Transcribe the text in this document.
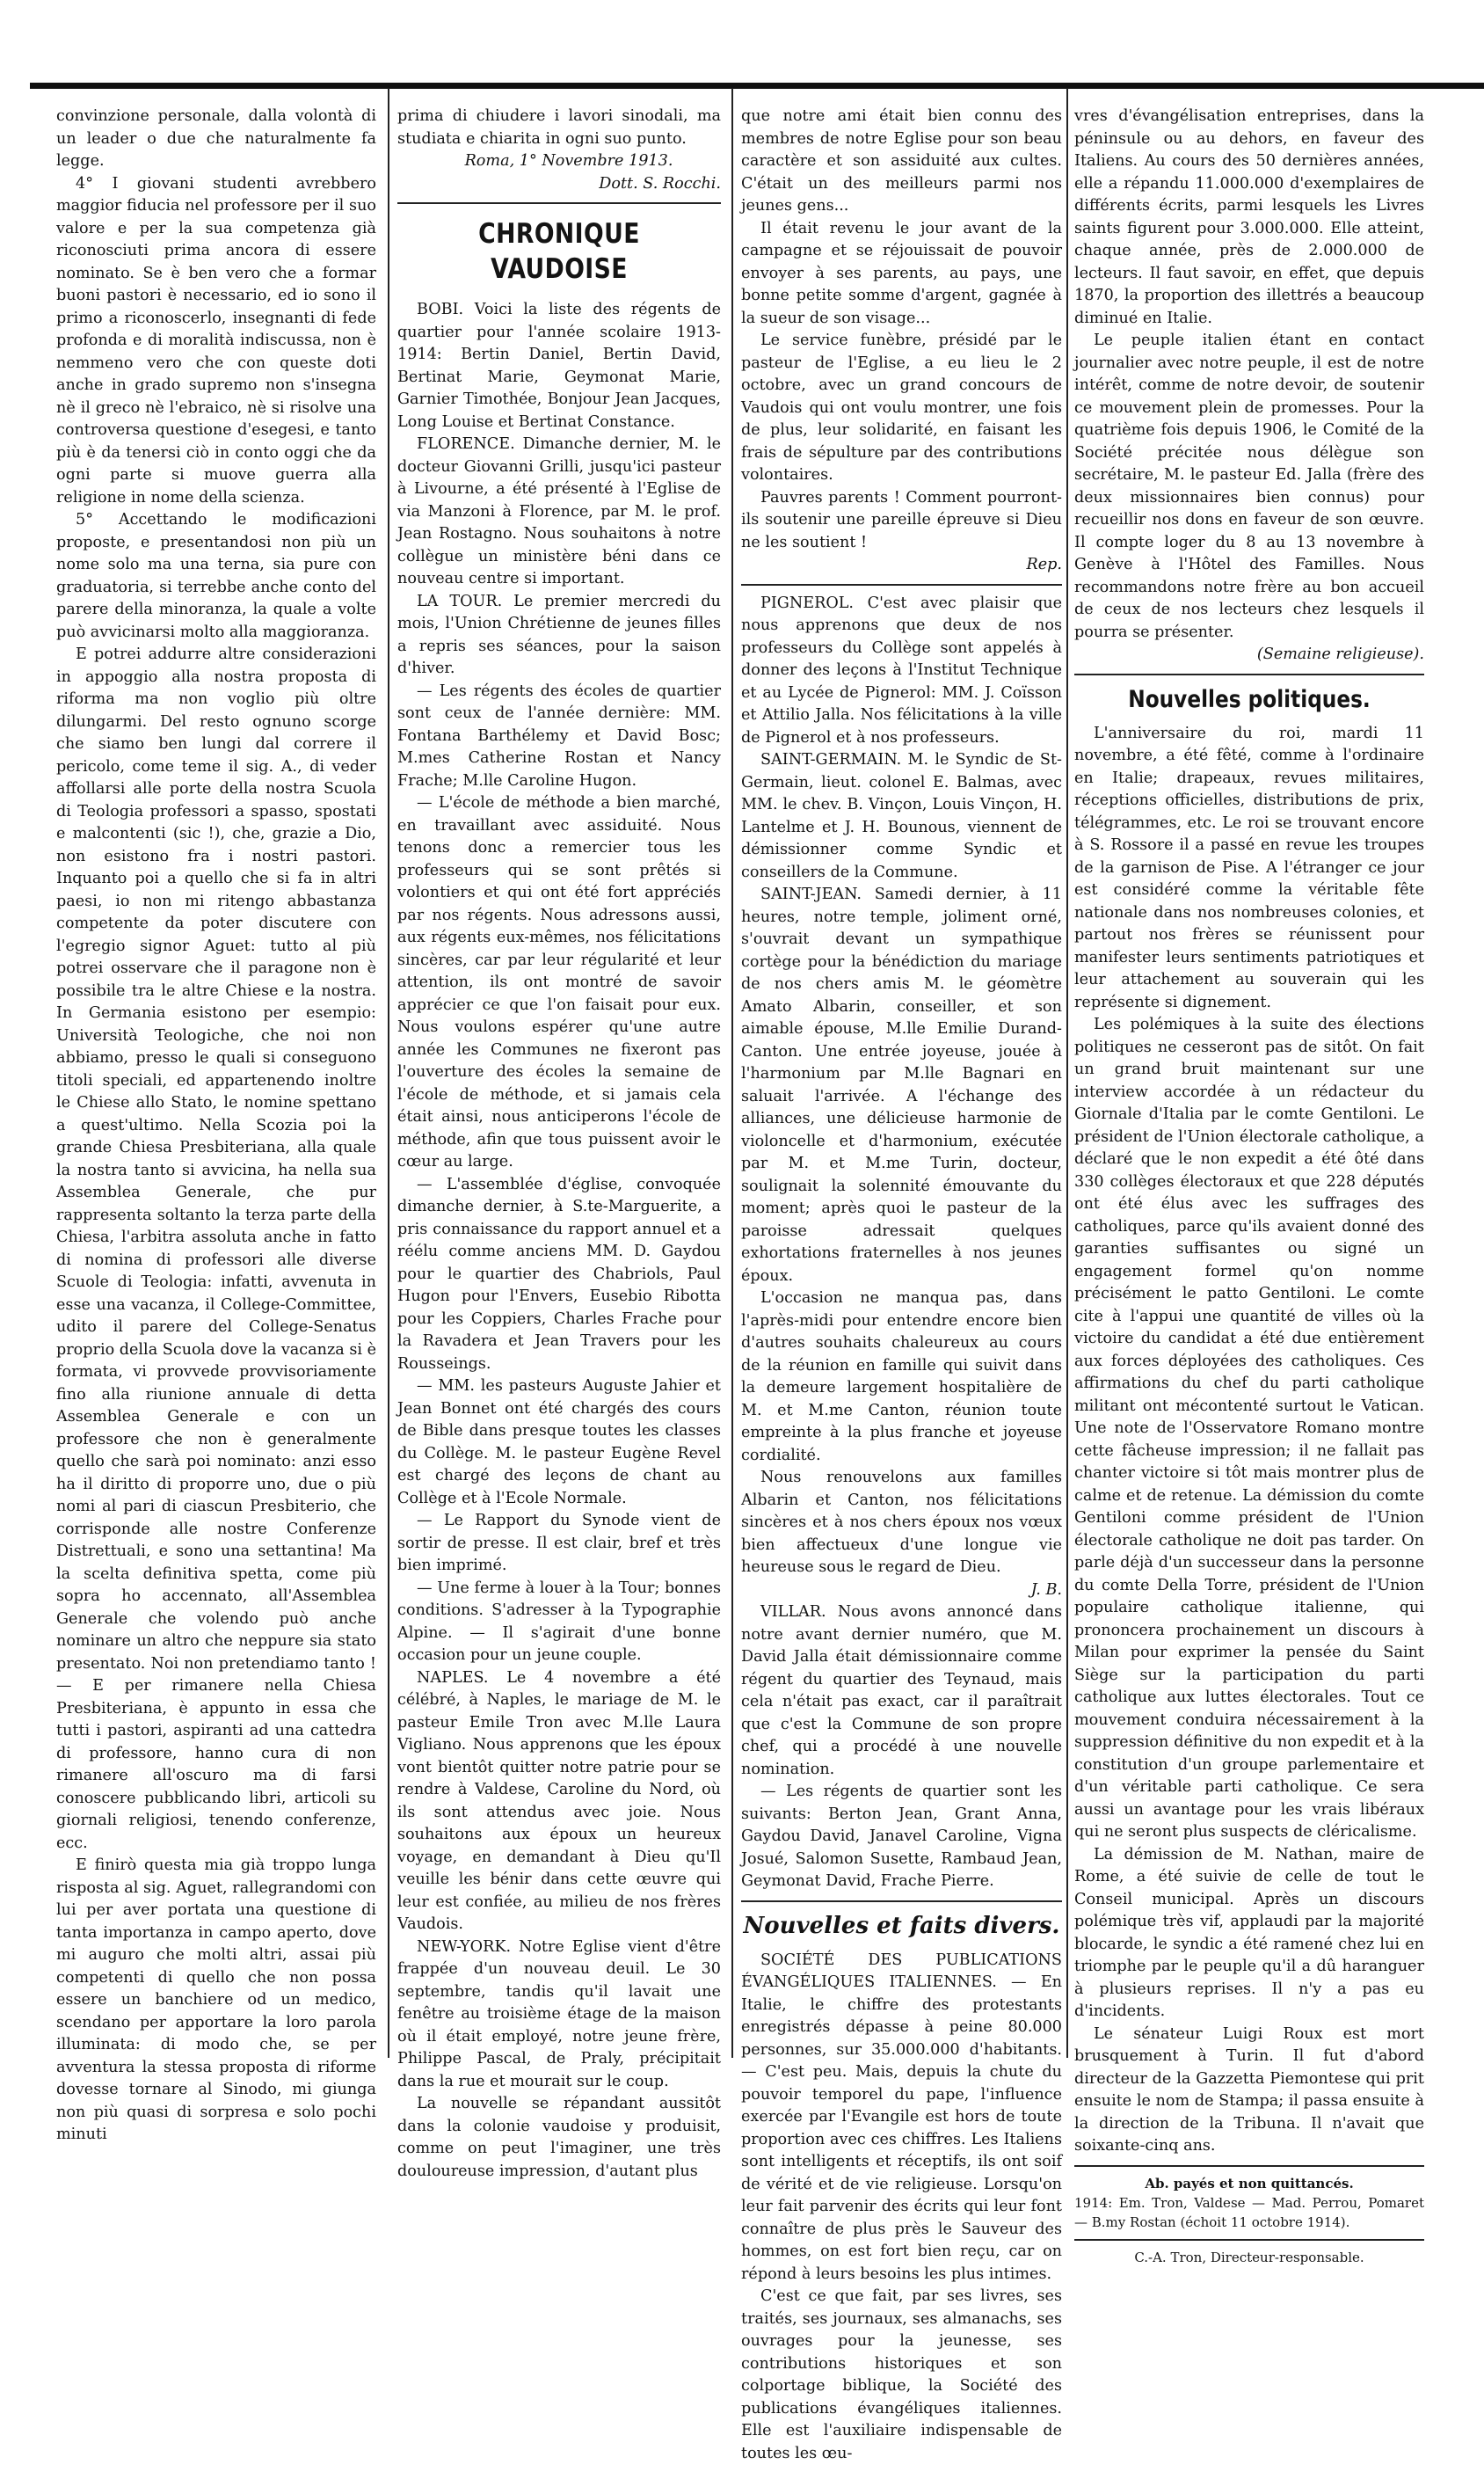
convinzione personale, dalla volontà di un leader o due che naturalmente fa legge.

4° I giovani studenti avrebbero maggior fiducia nel professore per il suo valore e per la sua competenza già riconosciuti prima ancora di essere nominato. Se è ben vero che a formar buoni pastori è necessario, ed io sono il primo a riconoscerlo, insegnanti di fede profonda e di moralità indiscussa, non è nemmeno vero che con queste doti anche in grado supremo non s'insegna nè il greco nè l'ebraico, nè si risolve una controversa questione d'esegesi, e tanto più è da tenersi ciò in conto oggi che da ogni parte si muove guerra alla religione in nome della scienza.

5° Accettando le modificazioni proposte, e presentandosi non più un nome solo ma una terna, sia pure con graduatoria, si terrebbe anche conto del parere della minoranza, la quale a volte può avvicinarsi molto alla maggioranza.

E potrei addurre altre considerazioni in appoggio alla nostra proposta di riforma ma non voglio più oltre dilungarmi. Del resto ognuno scorge che siamo ben lungi dal correre il pericolo, come teme il sig. A., di veder affollarsi alle porte della nostra Scuola di Teologia professori a spasso, spostati e malcontenti (sic !), che, grazie a Dio, non esistono fra i nostri pastori. Inquanto poi a quello che si fa in altri paesi, io non mi ritengo abbastanza competente da poter discutere con l'egregio signor Aguet: tutto al più potrei osservare che il paragone non è possibile tra le altre Chiese e la nostra. In Germania esistono per esempio: Università Teologiche, che noi non abbiamo, presso le quali si conseguono titoli speciali, ed appartenendo inoltre le Chiese allo Stato, le nomine spettano a quest'ultimo. Nella Scozia poi la grande Chiesa Presbiteriana, alla quale la nostra tanto si avvicina, ha nella sua Assemblea Generale, che pur rappresenta soltanto la terza parte della Chiesa, l'arbitra assoluta anche in fatto di nomina di professori alle diverse Scuole di Teologia: infatti, avvenuta in esse una vacanza, il College-Committee, udito il parere del College-Senatus proprio della Scuola dove la vacanza si è formata, vi provvede provvisoriamente fino alla riunione annuale di detta Assemblea Generale e con un professore che non è generalmente quello che sarà poi nominato: anzi esso ha il diritto di proporre uno, due o più nomi al pari di ciascun Presbiterio, che corrisponde alle nostre Conferenze Distrettuali, e sono una settantina! Ma la scelta definitiva spetta, come più sopra ho accennato, all'Assemblea Generale che volendo può anche nominare un altro che neppure sia stato presentato. Noi non pretendiamo tanto ! — E per rimanere nella Chiesa Presbiteriana, è appunto in essa che tutti i pastori, aspiranti ad una cattedra di professore, hanno cura di non rimanere all'oscuro ma di farsi conoscere pubblicando libri, articoli su giornali religiosi, tenendo conferenze, ecc.

E finirò questa mia già troppo lunga risposta al sig. Aguet, rallegrandomi con lui per aver portata una questione di tanta importanza in campo aperto, dove mi auguro che molti altri, assai più competenti di quello che non possa essere un banchiere od un medico, scendano per apportare la loro parola illuminata: di modo che, se per avventura la stessa proposta di riforme dovesse tornare al Sinodo, mi giunga non più quasi di sorpresa e solo pochi minuti

prima di chiudere i lavori sinodali, ma studiata e chiarita in ogni suo punto.

Roma, 1° Novembre 1913.

Dott. S. Rocchi.

CHRONIQUE VAUDOISE

BOBI. Voici la liste des régents de quartier pour l'année scolaire 1913-1914: Bertin Daniel, Bertin David, Bertinat Marie, Geymonat Marie, Garnier Timothée, Bonjour Jean Jacques, Long Louise et Bertinat Constance.

FLORENCE. Dimanche dernier, M. le docteur Giovanni Grilli, jusqu'ici pasteur à Livourne, a été présenté à l'Eglise de via Manzoni à Florence, par M. le prof. Jean Rostagno. Nous souhaitons à notre collègue un ministère béni dans ce nouveau centre si important.

LA TOUR. Le premier mercredi du mois, l'Union Chrétienne de jeunes filles a repris ses séances, pour la saison d'hiver.

— Les régents des écoles de quartier sont ceux de l'année dernière: MM. Fontana Barthélemy et David Bosc; M.mes Catherine Rostan et Nancy Frache; M.lle Caroline Hugon.

— L'école de méthode a bien marché, en travaillant avec assiduité. Nous tenons donc a remercier tous les professeurs qui se sont prêtés si volontiers et qui ont été fort appréciés par nos régents. Nous adressons aussi, aux régents eux-mêmes, nos félicitations sincères, car par leur régularité et leur attention, ils ont montré de savoir apprécier ce que l'on faisait pour eux. Nous voulons espérer qu'une autre année les Communes ne fixeront pas l'ouverture des écoles la semaine de l'école de méthode, et si jamais cela était ainsi, nous anticiperons l'école de méthode, afin que tous puissent avoir le cœur au large.

— L'assemblée d'église, convoquée dimanche dernier, à S.te-Marguerite, a pris connaissance du rapport annuel et a réélu comme anciens MM. D. Gaydou pour le quartier des Chabriols, Paul Hugon pour l'Envers, Eusebio Ribotta pour les Coppiers, Charles Frache pour la Ravadera et Jean Travers pour les Rousseings.

— MM. les pasteurs Auguste Jahier et Jean Bonnet ont été chargés des cours de Bible dans presque toutes les classes du Collège. M. le pasteur Eugène Revel est chargé des leçons de chant au Collège et à l'Ecole Normale.

— Le Rapport du Synode vient de sortir de presse. Il est clair, bref et très bien imprimé.

— Une ferme à louer à la Tour; bonnes conditions. S'adresser à la Typographie Alpine. — Il s'agirait d'une bonne occasion pour un jeune couple.

NAPLES. Le 4 novembre a été célébré, à Naples, le mariage de M. le pasteur Emile Tron avec M.lle Laura Vigliano. Nous apprenons que les époux vont bientôt quitter notre patrie pour se rendre à Valdese, Caroline du Nord, où ils sont attendus avec joie. Nous souhaitons aux époux un heureux voyage, en demandant à Dieu qu'Il veuille les bénir dans cette œuvre qui leur est confiée, au milieu de nos frères Vaudois.

NEW-YORK. Notre Eglise vient d'être frappée d'un nouveau deuil. Le 30 septembre, tandis qu'il lavait une fenêtre au troisième étage de la maison où il était employé, notre jeune frère, Philippe Pascal, de Praly, précipitait dans la rue et mourait sur le coup.

La nouvelle se répandant aussitôt dans la colonie vaudoise y produisit, comme on peut l'imaginer, une très douloureuse impression, d'autant plus

que notre ami était bien connu des membres de notre Eglise pour son beau caractère et son assiduité aux cultes. C'était un des meilleurs parmi nos jeunes gens...

Il était revenu le jour avant de la campagne et se réjouissait de pouvoir envoyer à ses parents, au pays, une bonne petite somme d'argent, gagnée à la sueur de son visage...

Le service funèbre, présidé par le pasteur de l'Eglise, a eu lieu le 2 octobre, avec un grand concours de Vaudois qui ont voulu montrer, une fois de plus, leur solidarité, en faisant les frais de sépulture par des contributions volontaires.

Pauvres parents ! Comment pourront-ils soutenir une pareille épreuve si Dieu ne les soutient !

Rep.

PIGNEROL. C'est avec plaisir que nous apprenons que deux de nos professeurs du Collège sont appelés à donner des leçons à l'Institut Technique et au Lycée de Pignerol: MM. J. Coïsson et Attilio Jalla. Nos félicitations à la ville de Pignerol et à nos professeurs.

SAINT-GERMAIN. M. le Syndic de St-Germain, lieut. colonel E. Balmas, avec MM. le chev. B. Vinçon, Louis Vinçon, H. Lantelme et J. H. Bounous, viennent de démissionner comme Syndic et conseillers de la Commune.

SAINT-JEAN. Samedi dernier, à 11 heures, notre temple, joliment orné, s'ouvrait devant un sympathique cortège pour la bénédiction du mariage de nos chers amis M. le géomètre Amato Albarin, conseiller, et son aimable épouse, M.lle Emilie Durand-Canton. Une entrée joyeuse, jouée à l'harmonium par M.lle Bagnari en saluait l'arrivée. A l'échange des alliances, une délicieuse harmonie de violoncelle et d'harmonium, exécutée par M. et M.me Turin, docteur, soulignait la solennité émouvante du moment; après quoi le pasteur de la paroisse adressait quelques exhortations fraternelles à nos jeunes époux.

L'occasion ne manqua pas, dans l'après-midi pour entendre encore bien d'autres souhaits chaleureux au cours de la réunion en famille qui suivit dans la demeure largement hospitalière de M. et M.me Canton, réunion toute empreinte à la plus franche et joyeuse cordialité.

Nous renouvelons aux familles Albarin et Canton, nos félicitations sincères et à nos chers époux nos vœux bien affectueux d'une longue vie heureuse sous le regard de Dieu.

J. B.

VILLAR. Nous avons annoncé dans notre avant dernier numéro, que M. David Jalla était démissionnaire comme régent du quartier des Teynaud, mais cela n'était pas exact, car il paraîtrait que c'est la Commune de son propre chef, qui a procédé à une nouvelle nomination.

— Les régents de quartier sont les suivants: Berton Jean, Grant Anna, Gaydou David, Janavel Caroline, Vigna Josué, Salomon Susette, Rambaud Jean, Geymonat David, Frache Pierre.

Nouvelles et faits divers.

SOCIÉTÉ DES PUBLICATIONS ÉVANGÉLIQUES ITALIENNES. — En Italie, le chiffre des protestants enregistrés dépasse à peine 80.000 personnes, sur 35.000.000 d'habitants. — C'est peu. Mais, depuis la chute du pouvoir temporel du pape, l'influence exercée par l'Evangile est hors de toute proportion avec ces chiffres. Les Italiens sont intelligents et réceptifs, ils ont soif de vérité et de vie religieuse. Lorsqu'on leur fait parvenir des écrits qui leur font connaître de plus près le Sauveur des hommes, on est fort bien reçu, car on répond à leurs besoins les plus intimes.

C'est ce que fait, par ses livres, ses traités, ses journaux, ses almanachs, ses ouvrages pour la jeunesse, ses contributions historiques et son colportage biblique, la Société des publications évangéliques italiennes. Elle est l'auxiliaire indispensable de toutes les œu-

vres d'évangélisation entreprises, dans la péninsule ou au dehors, en faveur des Italiens. Au cours des 50 dernières années, elle a répandu 11.000.000 d'exemplaires de différents écrits, parmi lesquels les Livres saints figurent pour 3.000.000. Elle atteint, chaque année, près de 2.000.000 de lecteurs. Il faut savoir, en effet, que depuis 1870, la proportion des illettrés a beaucoup diminué en Italie.

Le peuple italien étant en contact journalier avec notre peuple, il est de notre intérêt, comme de notre devoir, de soutenir ce mouvement plein de promesses. Pour la quatrième fois depuis 1906, le Comité de la Société précitée nous délègue son secrétaire, M. le pasteur Ed. Jalla (frère des deux missionnaires bien connus) pour recueillir nos dons en faveur de son œuvre. Il compte loger du 8 au 13 novembre à Genève à l'Hôtel des Familles. Nous recommandons notre frère au bon accueil de ceux de nos lecteurs chez lesquels il pourra se présenter.

(Semaine religieuse).

Nouvelles politiques.

L'anniversaire du roi, mardi 11 novembre, a été fêté, comme à l'ordinaire en Italie; drapeaux, revues militaires, réceptions officielles, distributions de prix, télégrammes, etc. Le roi se trouvant encore à S. Rossore il a passé en revue les troupes de la garnison de Pise. A l'étranger ce jour est considéré comme la véritable fête nationale dans nos nombreuses colonies, et partout nos frères se réunissent pour manifester leurs sentiments patriotiques et leur attachement au souverain qui les représente si dignement.

Les polémiques à la suite des élections politiques ne cesseront pas de sitôt. On fait un grand bruit maintenant sur une interview accordée à un rédacteur du Giornale d'Italia par le comte Gentiloni. Le président de l'Union électorale catholique, a déclaré que le non expedit a été ôté dans 330 collèges électoraux et que 228 députés ont été élus avec les suffrages des catholiques, parce qu'ils avaient donné des garanties suffisantes ou signé un engagement formel qu'on nomme précisément le patto Gentiloni. Le comte cite à l'appui une quantité de villes où la victoire du candidat a été due entièrement aux forces déployées des catholiques. Ces affirmations du chef du parti catholique militant ont mécontenté surtout le Vatican. Une note de l'Osservatore Romano montre cette fâcheuse impression; il ne fallait pas chanter victoire si tôt mais montrer plus de calme et de retenue. La démission du comte Gentiloni comme président de l'Union électorale catholique ne doit pas tarder. On parle déjà d'un successeur dans la personne du comte Della Torre, président de l'Union populaire catholique italienne, qui prononcera prochainement un discours à Milan pour exprimer la pensée du Saint Siège sur la participation du parti catholique aux luttes électorales. Tout ce mouvement conduira nécessairement à la suppression définitive du non expedit et à la constitution d'un groupe parlementaire et d'un véritable parti catholique. Ce sera aussi un avantage pour les vrais libéraux qui ne seront plus suspects de cléricalisme.

La démission de M. Nathan, maire de Rome, a été suivie de celle de tout le Conseil municipal. Après un discours polémique très vif, applaudi par la majorité blocarde, le syndic a été ramené chez lui en triomphe par le peuple qu'il a dû haranguer à plusieurs reprises. Il n'y a pas eu d'incidents.

Le sénateur Luigi Roux est mort brusquement à Turin. Il fut d'abord directeur de la Gazzetta Piemontese qui prit ensuite le nom de Stampa; il passa ensuite à la direction de la Tribuna. Il n'avait que soixante-cinq ans.

Ab. payés et non quittancés.
1914: Em. Tron, Valdese — Mad. Perrou, Pomaret — B.my Rostan (échoit 11 octobre 1914).
C.-A. Tron, Directeur-responsable.
